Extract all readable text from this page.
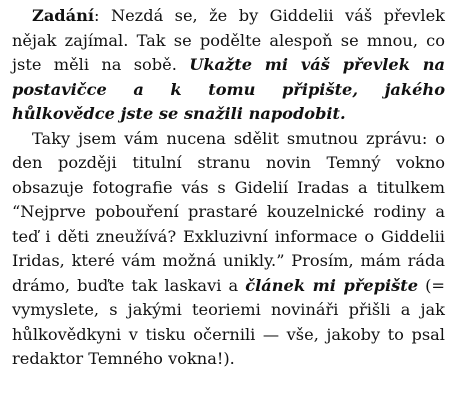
Zadání: Nezdá se, že by Giddelii váš převlek nějak zajímal. Tak se podělte alespoň se mnou, co jste měli na sobě. Ukažte mi váš převlek na postavičce a k tomu připište, jakého hůlkovědce jste se snažili napodobit.

Taky jsem vám nucena sdělit smutnou zprávu: o den později titulní stranu novin Temný vokno obsazuje fotografie vás s Gidelií Iradas a titulkem “Nejprve pobouření prastaré kouzelnické rodiny a teď i děti zneužívá? Exkluzivní informace o Giddelii Iridas, které vám možná unikly.” Prosím, mám ráda drámo, buďte tak laskavi a článek mi přepište (= vymyslete, s jakými teoriemi novináři přišli a jak hůlkovědkyni v tisku očernili — vše, jakoby to psal redaktor Temného vokna!).
